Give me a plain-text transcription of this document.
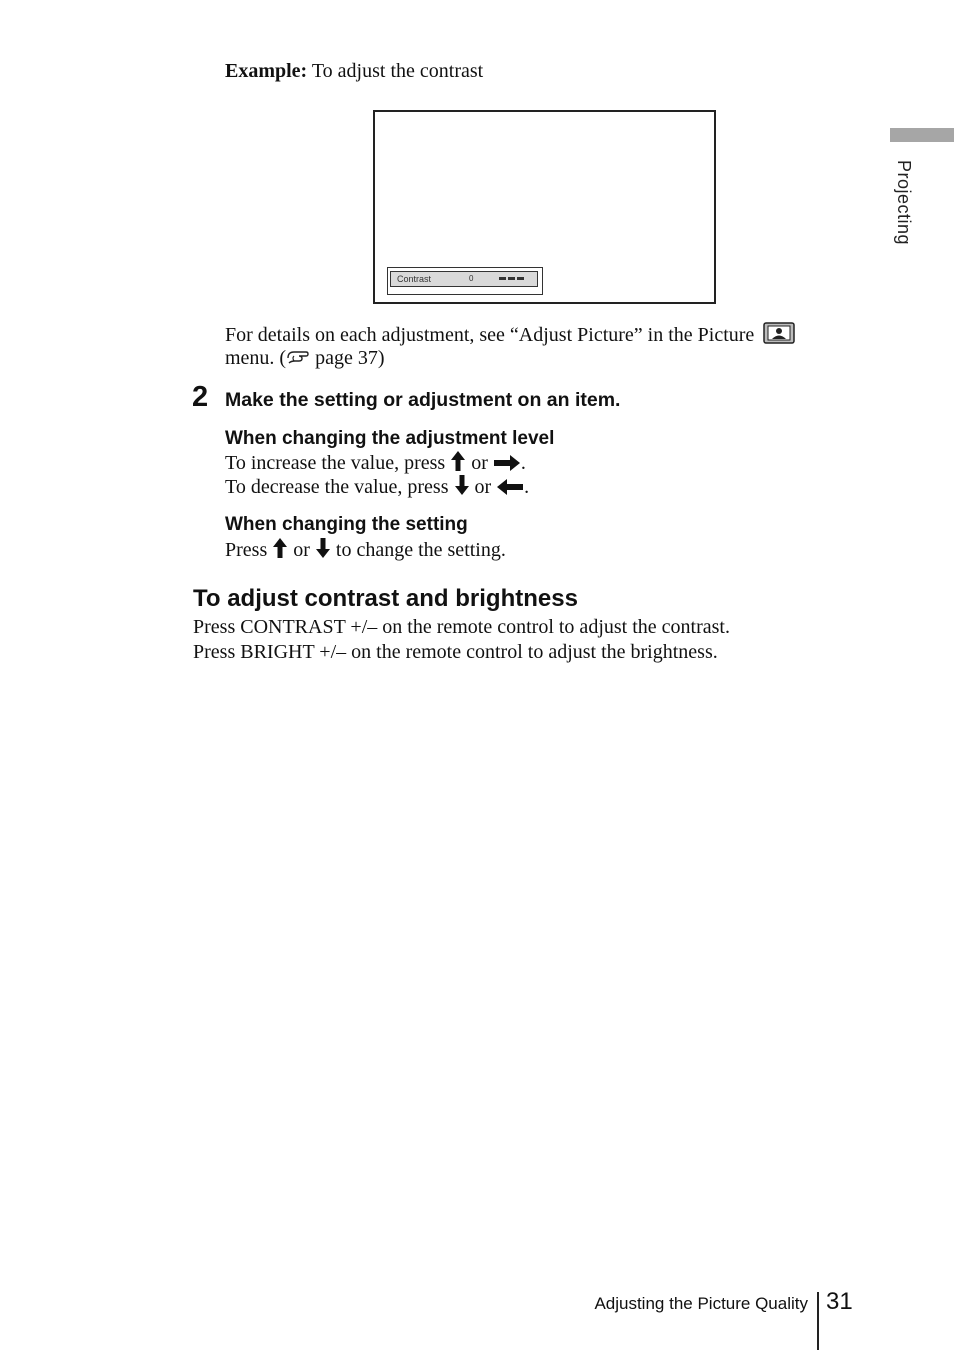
Projecting
Example: To adjust the contrast
Contrast	0
For details on each adjustment, see “Adjust Picture” in the Picture
menu. ( page 37)
2 Make the setting or adjustment on an item.
When changing the adjustment level
To increase the value, press  or .
To decrease the value, press  or .
When changing the setting
Press  or  to change the setting.
To adjust contrast and brightness
Press CONTRAST +/– on the remote control to adjust the contrast.
Press BRIGHT +/– on the remote control to adjust the brightness.
Adjusting the Picture Quality 31
